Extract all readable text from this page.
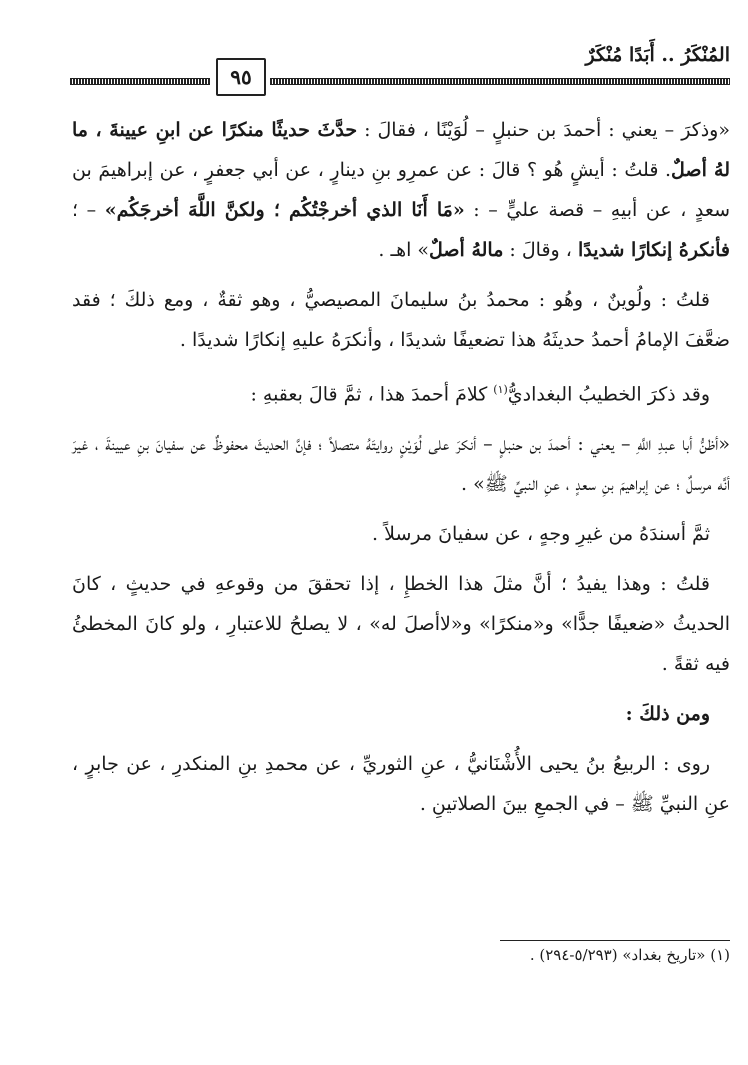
المُنْكَرُ .. أَبَدًا مُنْكَرٌ
٩٥

«وذكرَ – يعني : أحمدَ بن حنبلٍ – لُوَيْنًا ، فقالَ : حدَّثَ حديثًا منكرًا عن ابنِ عيينةَ ، ما لهُ أصلٌ. قلتُ : أيشٍ هُو ؟ قالَ : عن عمرِو بنِ دينارٍ ، عن أبي جعفرٍ ، عن إبراهيمَ بن سعدٍ ، عن أبيهِ – قصة عليٍّ – : «مَا أَنَا الذي أخرجْتُكُم ؛ ولكنَّ اللَّهَ أخرجَكُم» – ؛ فأنكرهُ إنكارًا شديدًا ، وقالَ : مالهُ أصلٌ» اهـ .

قلتُ : ولُوينٌ ، وهُو : محمدُ بنُ سليمانَ المصيصيُّ ، وهو ثقةٌ ، ومع ذلكَ ؛ فقد ضعَّفَ الإمامُ أحمدُ حديثَهُ هذا تضعيفًا شديدًا ، وأنكرَهُ عليهِ إنكارًا شديدًا .

وقد ذكرَ الخطيبُ البغداديُّ$^{(١)}$ كلامَ أحمدَ هذا ، ثمَّ قالَ بعقبهِ :

«أظنُّ أبا عبدِ اللَّهِ – يعني : أحمدَ بن حنبلٍ – أنكرَ على لُوَيْنٍ روايتَهُ متصلاً ؛ فإنَّ الحديثَ محفوظٌ عن سفيانَ بنِ عيينةَ ، غيرَ أنَّه مرسلٌ ؛ عن إبراهيمَ بنِ سعدٍ ، عنِ النبيِّ ﷺ» .

ثمَّ أسندَهُ من غيرِ وجهٍ ، عن سفيانَ مرسلاً .

قلتُ : وهذا يفيدُ ؛ أنَّ مثلَ هذا الخطإِ ، إذا تحققَ من وقوعهِ في حديثٍ ، كانَ الحديثُ «ضعيفًا جدًّا» و«منكرًا» و«لاأصلَ له» ، لا يصلحُ للاعتبارِ ، ولو كانَ المخطئُ فيه ثقةً .

ومن ذلكَ :

روى : الربيعُ بنُ يحيى الأُشْنَانيُّ ، عنِ الثوريِّ ، عن محمدِ بنِ المنكدرِ ، عن جابرٍ ، عنِ النبيِّ ﷺ – في الجمعِ بينَ الصلاتينِ .

(١) «تاريخ بغداد» (٥/٢٩٣-٢٩٤) .
